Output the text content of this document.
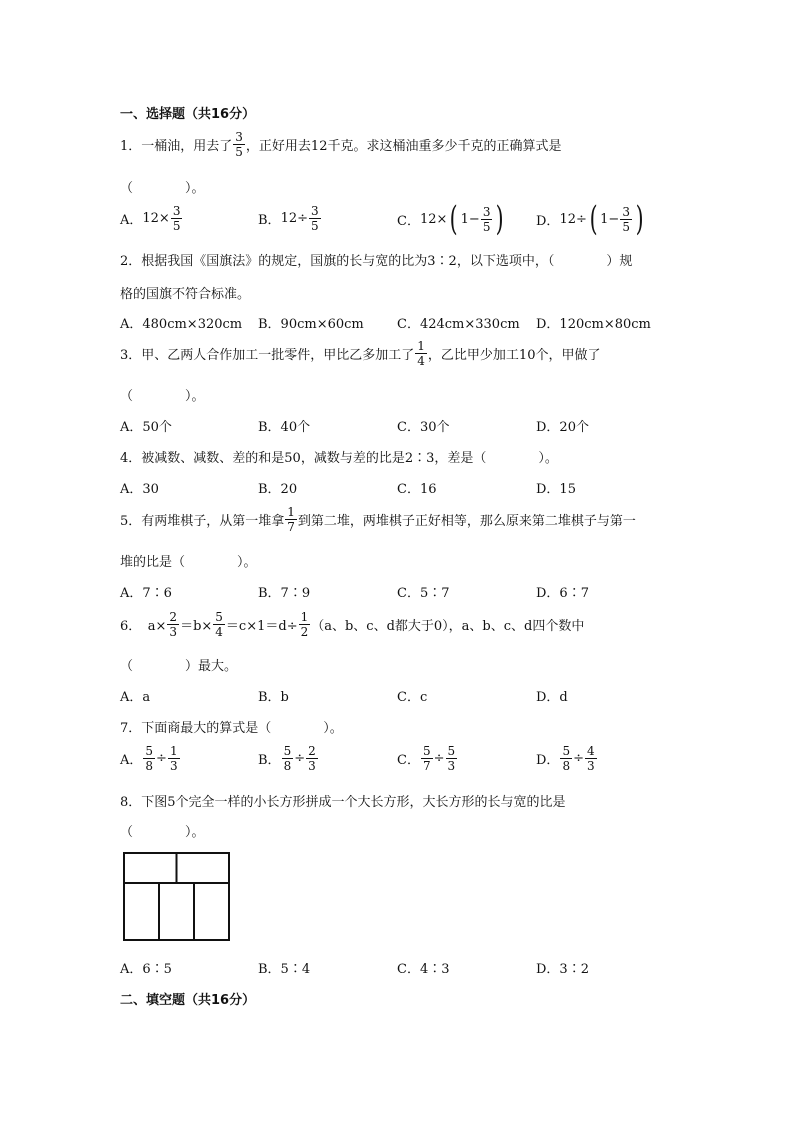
一、选择题（共16分）
1．一桶油，用去了 $\frac{3}{5}$ ，正好用去12千克。求这桶油重多少千克的正确算式是
（　　　　）。
A． $12\times \frac{3}{5}$	B． $12\div \frac{3}{5}$	C． 12× ( $1- \frac{3}{5}$ ) D． 12÷ ( $1- \frac{3}{5}$ )
2．根据我国《国旗法》的规定，国旗的长与宽的比为3∶2，以下选项中，（　　　　）规
格的国旗不符合标准。
A．480cm×320cm B．90cm×60cm	C．424cm×330cm D．120cm×80cm
3．甲、乙两人合作加工一批零件，甲比乙多加工了 $\frac{1}{4}$ ，乙比甲少加工10个，甲做了
（　　　　）。
A．50个	B．40个	C．30个	D．20个
4．被减数、减数、差的和是50，减数与差的比是2∶3，差是（　　　　）。
A．30	B．20	C．16	D．15
5．有两堆棋子，从第一堆拿 $\frac{1}{7}$ 到第二堆，两堆棋子正好相等，那么原来第二堆棋子与第一
堆的比是（　　　　）。
A．7∶6	B．7∶9	C．5∶7	D．6∶7
6．　$a\times \frac{2}{3} =b\times \frac{5}{4} =c\times 1=d\div \frac{1}{2} (a$、b、c、d都大于0），a、b、c、d四个数中
（　　　　）最大。
A．a	B．b	C．c	D．d
7．下面商最大的算式是（　　　　）。
A． $\frac{5}{8} \div \frac{1}{3}$	B． $\frac{5}{8} \div \frac{2}{3}$	C． $\frac{5}{7} \div \frac{5}{3}$	D． $\frac{5}{8} \div \frac{4}{3}$
8．下图5个完全一样的小长方形拼成一个大长方形，大长方形的长与宽的比是
（　　　　）。
A．6∶5	B．5∶4	C．4∶3	D．3∶2
二、填空题（共16分）
